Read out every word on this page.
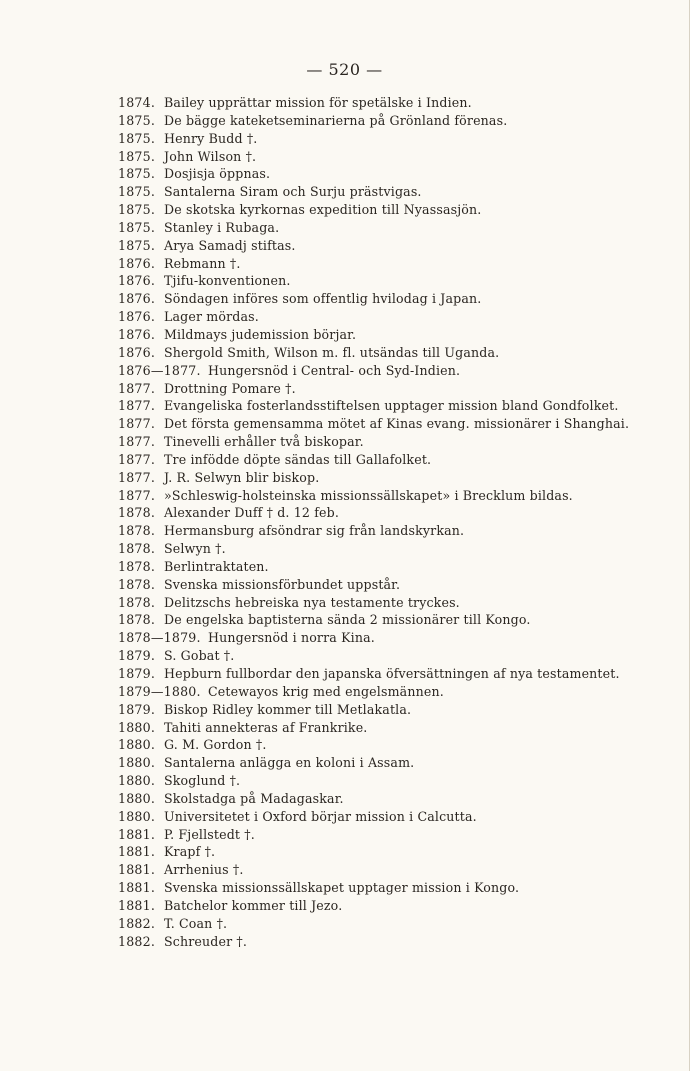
— 520 —
1874. Bailey upprättar mission för spetälske i Indien.
1875. De bägge kateketseminarierna på Grönland förenas.
1875. Henry Budd †.
1875. John Wilson †.
1875. Dosjisja öppnas.
1875. Santalerna Siram och Surju prästvigas.
1875. De skotska kyrkornas expedition till Nyassasjön.
1875. Stanley i Rubaga.
1875. Arya Samadj stiftas.
1876. Rebmann †.
1876. Tjifu-konventionen.
1876. Söndagen införes som offentlig hvilodag i Japan.
1876. Lager mördas.
1876. Mildmays judemission börjar.
1876. Shergold Smith, Wilson m. fl. utsändas till Uganda.
1876—1877. Hungersnöd i Central- och Syd-Indien.
1877. Drottning Pomare †.
1877. Evangeliska fosterlandsstiftelsen upptager mission bland Gondfolket.
1877. Det första gemensamma mötet af Kinas evang. missionärer i Shanghai.
1877. Tinevelli erhåller två biskopar.
1877. Tre infödde döpte sändas till Gallafolket.
1877. J. R. Selwyn blir biskop.
1877. »Schleswig-holsteinska missionssällskapet» i Brecklum bildas.
1878. Alexander Duff † d. 12 feb.
1878. Hermansburg afsöndrar sig från landskyrkan.
1878. Selwyn †.
1878. Berlintraktaten.
1878. Svenska missionsförbundet uppstår.
1878. Delitzschs hebreiska nya testamente tryckes.
1878. De engelska baptisterna sända 2 missionärer till Kongo.
1878—1879. Hungersnöd i norra Kina.
1879. S. Gobat †.
1879. Hepburn fullbordar den japanska öfversättningen af nya testamentet.
1879—1880. Cetewayos krig med engelsmännen.
1879. Biskop Ridley kommer till Metlakatla.
1880. Tahiti annekteras af Frankrike.
1880. G. M. Gordon †.
1880. Santalerna anlägga en koloni i Assam.
1880. Skoglund †.
1880. Skolstadga på Madagaskar.
1880. Universitetet i Oxford börjar mission i Calcutta.
1881. P. Fjellstedt †.
1881. Krapf †.
1881. Arrhenius †.
1881. Svenska missionssällskapet upptager mission i Kongo.
1881. Batchelor kommer till Jezo.
1882. T. Coan †.
1882. Schreuder †.
